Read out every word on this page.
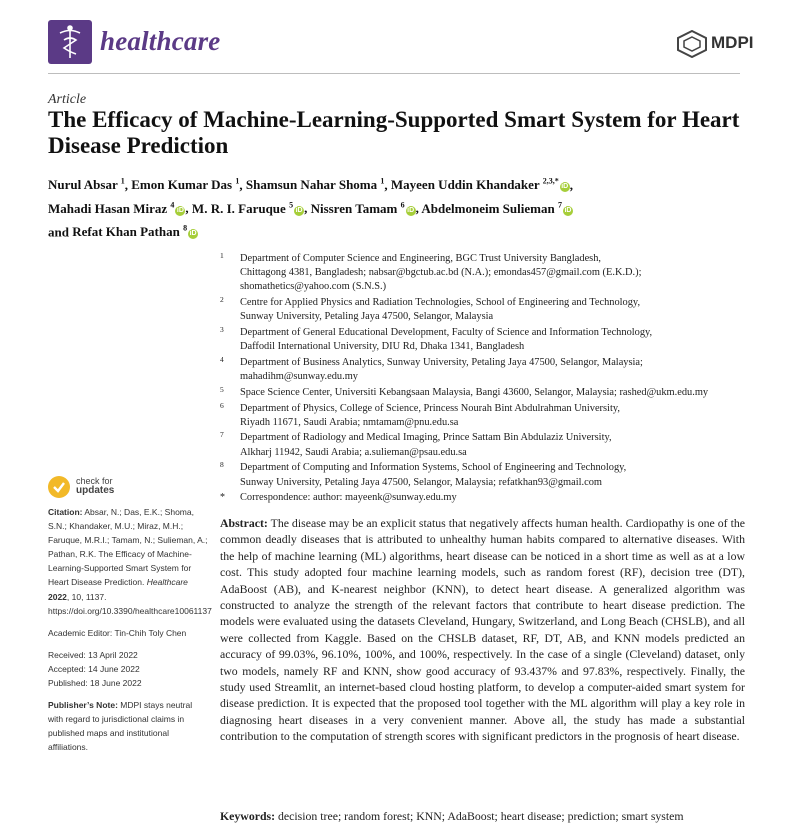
healthcare	MDPI
Article
The Efficacy of Machine-Learning-Supported Smart System for Heart Disease Prediction
Nurul Absar $^1$, Emon Kumar Das $^1$, Shamsun Nahar Shoma $^1$, Mayeen Uddin Khandaker $^{2,3,*}$iD ,
Mahadi Hasan Miraz $^4$iD , M. R. I. Faruque $^5$iD , Nissren Tamam $^6$iD , Abdelmoneim Sulieman $^7$iD
and Refat Khan Pathan $^8$iD
1 Department of Computer Science and Engineering, BGC Trust University Bangladesh,
Chittagong 4381, Bangladesh; nabsar@bgctub.ac.bd (N.A.); emondas457@gmail.com (E.K.D.);
shomathetics@yahoo.com (S.N.S.)
2 Centre for Applied Physics and Radiation Technologies, School of Engineering and Technology,
Sunway University, Petaling Jaya 47500, Selangor, Malaysia
3 Department of General Educational Development, Faculty of Science and Information Technology,
Daffodil International University, DIU Rd, Dhaka 1341, Bangladesh
4 Department of Business Analytics, Sunway University, Petaling Jaya 47500, Selangor, Malaysia;
mahadihm@sunway.edu.my
5 Space Science Center, Universiti Kebangsaan Malaysia, Bangi 43600, Selangor, Malaysia; rashed@ukm.edu.my
6 Department of Physics, College of Science, Princess Nourah Bint Abdulrahman University,
Riyadh 11671, Saudi Arabia; nmtamam@pnu.edu.sa
7 Department of Radiology and Medical Imaging, Prince Sattam Bin Abdulaziz University,
Alkharj 11942, Saudi Arabia; a.sulieman@psau.edu.sa
8 Department of Computing and Information Systems, School of Engineering and Technology,
Sunway University, Petaling Jaya 47500, Selangor, Malaysia; refatkhan93@gmail.com
* Correspondence: author: mayeenk@sunway.edu.my
check for
updates

Citation: Absar, N.; Das, E.K.; Shoma, S.N.; Khandaker, M.U.; Miraz, M.H.; Faruque, M.R.I.; Tamam, N.; Sulieman, A.; Pathan, R.K. The Efficacy of Machine-Learning-Supported Smart System for Heart Disease Prediction. Healthcare 2022, 10, 1137. https://doi.org/10.3390/healthcare10061137

Academic Editor: Tin-Chih Toly Chen

Received: 13 April 2022

Accepted: 14 June 2022

Published: 18 June 2022

Publisher’s Note: MDPI stays neutral with regard to jurisdictional claims in published maps and institutional affiliations.

Abstract: The disease may be an explicit status that negatively affects human health. Cardiopathy is one of the common deadly diseases that is attributed to unhealthy human habits compared to alternative diseases. With the help of machine learning (ML) algorithms, heart disease can be noticed in a short time as well as at a low cost. This study adopted four machine learning models, such as random forest (RF), decision tree (DT), AdaBoost (AB), and K-nearest neighbor (KNN), to detect heart disease. A generalized algorithm was constructed to analyze the strength of the relevant factors that contribute to heart disease prediction. The models were evaluated using the datasets Cleveland, Hungary, Switzerland, and Long Beach (CHSLB), and all were collected from Kaggle. Based on the CHSLB dataset, RF, DT, AB, and KNN models predicted an accuracy of 99.03%, 96.10%, 100%, and 100%, respectively. In the case of a single (Cleveland) dataset, only two models, namely RF and KNN, show good accuracy of 93.437% and 97.83%, respectively. Finally, the study used Streamlit, an internet-based cloud hosting platform, to develop a computer-aided smart system for disease prediction. It is expected that the proposed tool together with the ML algorithm will play a key role in diagnosing heart diseases in a very convenient manner. Above all, the study has made a substantial contribution to the computation of strength scores with significant predictors in the prognosis of heart disease.
Keywords: decision tree; random forest; KNN; AdaBoost; heart disease; prediction; smart system
